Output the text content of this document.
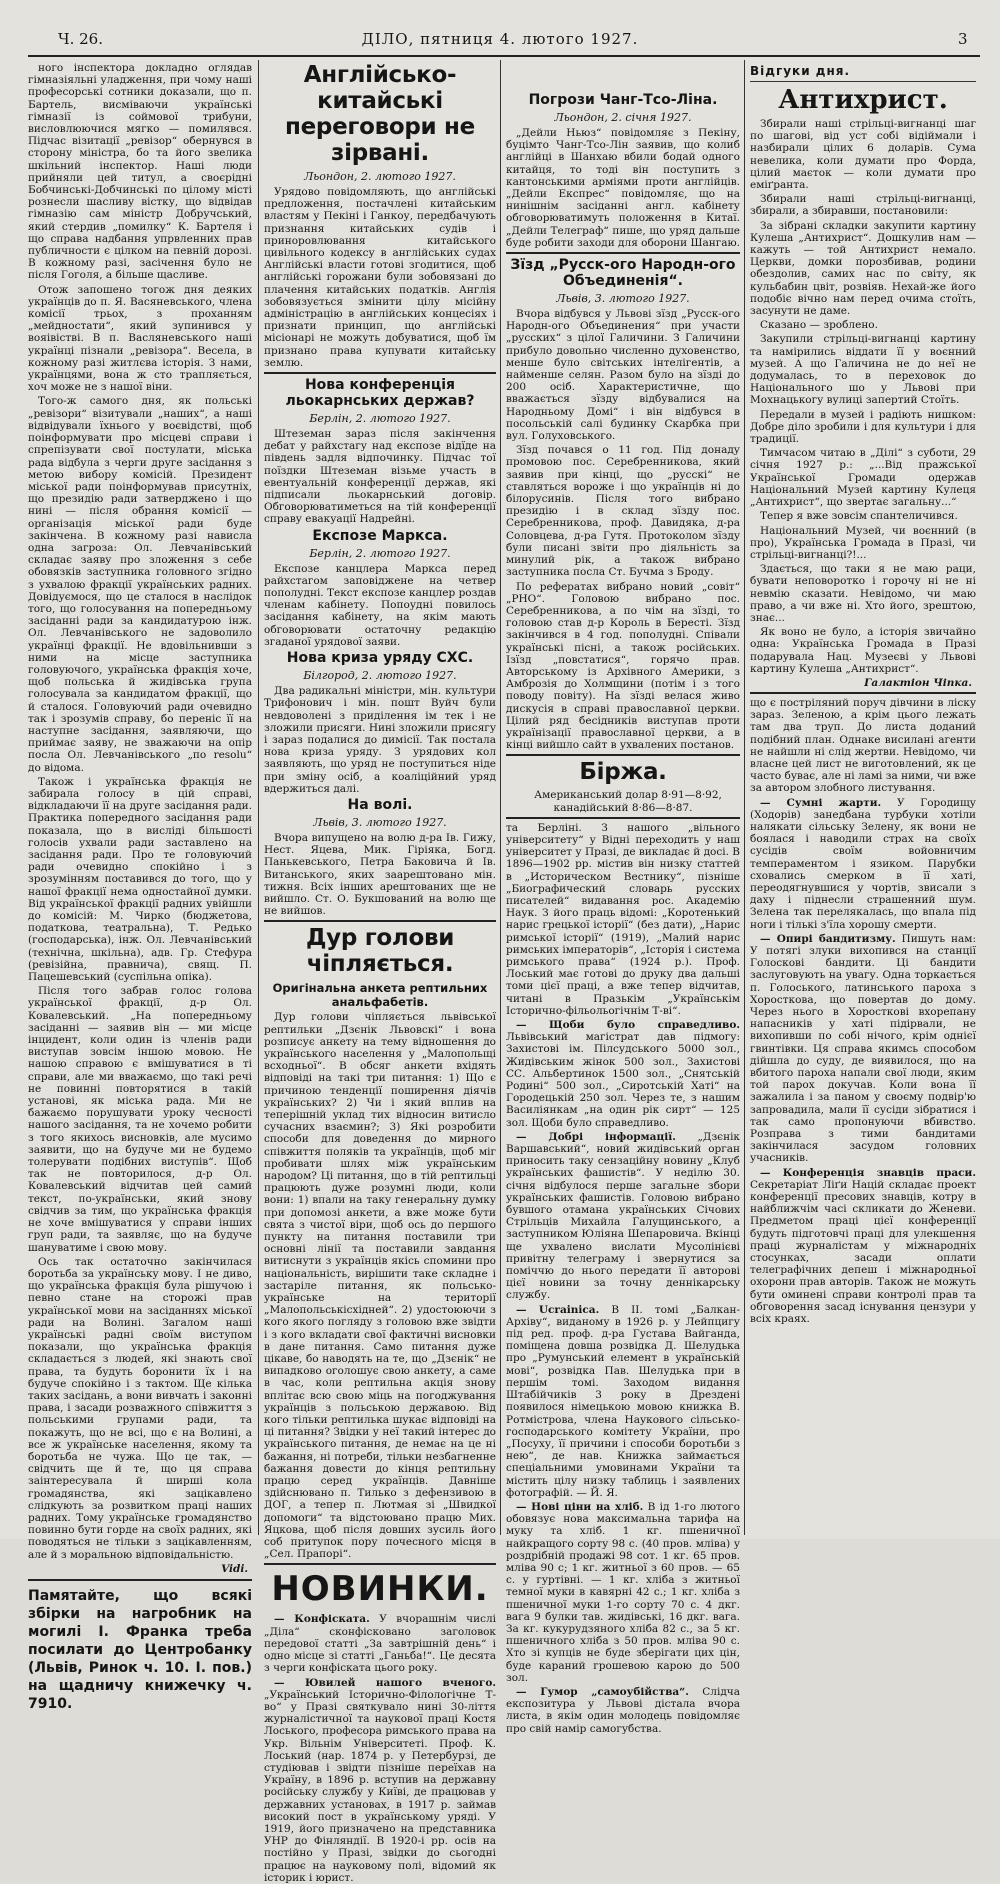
Ч. 26.	ДІЛО, пятниця 4. лютого 1927.	3

ного інспектора докладно оглядав гімназіяльні уладження, при чому наші професорські сотники доказали, що п. Бартель, висміваючи українські гімназії із соймової трибуни, висловлюючися мягко — помилявся. Підчас візитації „ревізор“ обернувся в сторону міністра, бо та його звелика шкільний інспектор. Наші люди прийняли цей титул, а своєрідні Бобчинські-Добчинські по цілому місті рознесли шасливу вістку, що відвідав гімназію сам міністр Добручський, який стердив „помилку“ К. Бартеля і що справа надбання упрвленних прав публичности є цілком на певній дорозі. В кожному разі, засічення було не після Гоголя, а більше щасливе.

Отож запошено тогож дня деяких українців до п. Я. Васяневського, члена комісії трьох, з проханням „мейдностати“, який зупинився у вояівістві. В п. Васляневського наші українці пізнали „ревізора“. Весела, в кожному разі житлєва історія. З нами, українцями, вона ж сто трапляється, хоч може не з нашої віни.

Того-ж самого дня, як польські „ревізори“ візитували „наших“, а наші відвідували їхнього у воєвідстві, щоб поінформувати про місцеві справи і спрепізувати свої постулати, міська рада відбула з черги друге засідання з метою вибору комісій. Президент міської ради поінформував присутніх, що президію ради затверджено і що нині — після обрання комісії — організація міської ради буде закінчена. В кожному разі нависла одна загроза: Ол. Левчанівський складає заяву про зложення з себе обовязків заступника головного згідно з ухвалою фракції українських радних. Довідуємося, що це сталося в наслідок того, що голосування на попередньому засіданні ради за кандидатурою інж. Ол. Левчанівського не задоволило українці фракції. Не вдовільнивши з ними на місце заступника головуючого, українська фракція хоче, щоб польська й жидівська група голосувала за кандидатом фракції, що й сталося. Головуючий ради очевидно так і зрозумів справу, бо переніс її на наступне засідання, заявляючи, що приймає заяву, не зважаючи на опір посла Ол. Левчанівського „по resolu“ до відома.

Також і українська фракція не забирала голосу в цій справі, відкладаючи її на друге засідання ради. Практика попередного засідання ради показала, що в висліді більшості голосів ухвали ради заставлено на засідання ради. Про те головуючий ради очевидно спокійно і з зрозумінням поставився до того, що у нашої фракції нема одностайної думки. Від української фракції радних увійшли до комісій: М. Чирко (бюджетова, податкова, театральна), Т. Редько (господарська), інж. Ол. Левчанівський (технічна, шкільна), адв. Гр. Стефура (ревізійна, правнича), свящ. П. Пацешевський (суспільна опіка).

Після того забрав голос голова української фракції, д-р Ол. Ковалевський. „На попередньому засіданні — заявив він — ми місце інцидент, коли один із членів ради виступав зовсім іншою мовою. Не нашою справою є вмішуватися в ті справи, але ми вважаємо, що такі речі не повинні повторятися в такій установі, як міська рада. Ми не бажаємо порушувати уроку чесності нашого засідання, та не хочемо робити з того якихось висновків, але мусимо заявити, що на будуче ми не будемо толерувати подібних виступів“. Щоб так не повторилося, д-р Ол. Ковалевський відчитав цей самий текст, по-українськи, який знову свідчив за тим, що українська фракція не хоче вмішуватися у справи інших груп ради, та заявляє, що на будуче шануватиме і свою мову.

Ось так остаточно закінчилася боротьба за українську мову. І не диво, що українська фракція була рішучою і певно стане на сторожі прав української мови на засіданнях міської ради на Волині. Загалом наші українські радні своїм виступом показали, що українська фракція складається з людей, які знають свої права, та будуть боронити їх і на будуче спокійно і з тактом. Ще кілька таких засідань, а вони вивчать і законні права, і засади розважного співжиття з польськими групами ради, та покажуть, що не всі, що є на Волині, а все ж українське населення, якому та боротьба не чужа. Що це так, — свідчить ще й те, що ця справа заінтересувала й ширші кола громадянства, які зацікавлено слідкують за розвитком праці наших радних. Тому українське громадянство повинно бути горде на своїх радних, які поводяться не тільки з зацікавленням, але й з моральною відповідальністю.

Vidi.

Памятайте, що всякі збірки на нагробник на могилі І. Франка треба посилати до Центробанку (Львів, Ринок ч. 10. І. пов.) на щадничу книжечку ч. 7910.

Англійсько-китайські переговори не зірвані.

Льондон, 2. лютого 1927.

Урядово повідомляють, що англійські предложення, постачлені китайським властям у Пекіні і Ганкоу, передбачують признання китайських судів і приноровлювання китайського цивільного кодексу в англійських судах Англійські власти готові згодитися, щоб англійські горожани були зобовязані до плачення китайських податків. Англія зобовязується змінити цілу місійну адміністрацію в англійських концесіях і признати принцип, що англійські місіонарі не можуть добуватися, щоб їм признано права купувати китайську землю.

Нова конференція льокарнських держав?

Берлін, 2. лютого 1927.

Штеземан зараз після закінчення дебат у райхстагу над експозе відїде на південь задля відпочинку. Підчас тої поїздки Штеземан візьме участь в евентуальній конференції держав, які підписали льокарнський договір. Обговорюватиметься на тій конференції справу евакуації Надрейні.

Експозе Маркса.

Берлін, 2. лютого 1927.

Експозе канцлера Маркса перед райхстагом заповіджене на четвер пополудні. Текст експозе канцлер роздав членам кабінету. Попоудні повилось засідання кабінету, на якім мають обговорювати остаточну редакцію згаданої урядової заяви.

Нова криза уряду СХС.

Білгород, 2. лютого 1927.

Два радикальні міністри, мін. культури Трифонович і мін. пошт Вуйч були невдоволені з приділення ім тек і не зложили присяги. Нині зложили присягу і зараз подалися до димісії. Так постала нова криза уряду. З урядових кол заявляють, що уряд не поступиться ніде при зміну осіб, а коаліційний уряд вдержиться далі.

На волі.

Львів, 3. лютого 1927.

Вчора випущено на волю д-ра Ів. Гижу, Нест. Яцева, Мик. Гіріяка, Богд. Панькевського, Петра Баковича й Ів. Витанського, яких заарештовано мін. тижня. Всіх інших арештованих ще не вийшло. Ст. О. Букшований на волю ще не вийшов.

Дур голови чіпляється.

Оригінальна анкета рептильних анальфабетів.

Дур голови чіпляється львівської рептильки „Дзєнік Львовскі“ і вона розписує анкету на тему відношення до українського населення у „Малопольщі всходньої“. В обсяг анкети вхідять відповіді на такі три питання: 1) Що є причиною тенденції поширення діячів українських? 2) Чи і який вплив на теперішній уклад тих відносин витисло сучасних взаємин?; 3) Які розробити способи для доведення до мирного співжиття поляків та українців, щоб міг пробивати шлях між українським народом? Ці питання, що в тій рептильці працюють дуже розумні люди, коли вони: 1) впали на таку генеральну думку при допомозі анкети, а вже може бути свята з чистої віри, щоб ось до першого пункту на питання поставили три основні лінії та поставили завдання витиснути з українців якісь спомини про національність, вирішити таке складне і застаріле питання, як польсько-українське на території „Малопольськісхідней“. 2) удостоюючи з кого якого погляду з головою вже звідти і з кого вкладати свої фактичні висновки в дане питання. Само питання дуже цікаве, бо наводять на те, що „Дзєнік“ не випадково оголошує свою анкету, а саме в час, коли рептильна акція знову вплітає всю свою міць на погоджування українців з польською державою. Від кого тільки рептилька шукає відповіді на ці питання? Звідки у неї такий інтерес до українського питання, де немає на це ні бажання, ні потреби, тільки незбагненне бажання довести до кінця рептильну працю серед українців. Давніше здійснювано п. Тилько з дефензивою в ДОГ, а тепер п. Лютмая зі „Швидкої допомоги“ та відстоювано працю Мих. Яцкова, щоб після довших зусиль його соб притупок пору почесного місця в „Сел. Прапорі“.

НОВИНКИ.

— Конфіската. У вчорашнім числі „Діла“ сконфісковано заголовок передової статті „За завтрішній день“ і одно місце зі статті „Ганьба!“. Це десята з черги конфіската цього року.

— Ювилей нашого вченого. „Український Історично-Філологічне Т-во“ у Празі святкувало нині 30-ліття журналістичної та наукової праці Костя Лоського, професора римського права на Укр. Вільнім Університеті. Проф. К. Лоський (нар. 1874 р. у Петербурзі, де студіював і звідти пізніше переїхав на Україну, в 1896 р. вступив на державну російську службу у Київі, де працював у державних установах, в 1917 р. займав високий пост в українському уряді. У 1919, його призначено на представника УНР до Фінляндії. В 1920-і рр. осів на постійно у Празі, звідки до сьогодні працює на науковому полі, відомий як історик і юрист.

Погрози Чанг-Тсо-Ліна.

Льондон, 2. січня 1927.

„Дейли Ньюз“ повідомляє з Пекіну, буцімто Чанг-Тсо-Лін заявив, що колиб англійці в Шанхаю вбили бодай одного китайця, то тоді він поступить з кантонськими арміями проти англійців. „Дейли Експрес“ повідомляє, що на нинішнім засіданні англ. кабінету обговорюватимуть положення в Китаї. „Дейли Телеграф“ пише, що уряд дальше буде робити заходи для оборони Шангаю.

Зїзд „Русск-ого Народн-ого Объединенія“.

Львів, 3. лютого 1927.

Вчора відбувся у Львові зїзд „Русск-ого Народн-ого Объединения“ при участи „русских“ з цілої Галичини. З Галичини прибуло довольно численно духовенство, менше було світських інтелігентів, а найменше селян. Разом було на зїзді до 200 осіб. Характеристичне, що вважається зїзду відбувалися на Народньому Домі“ і він відбувся в посольській салі будинку Скарбка при вул. Голуховського.

Зїзд почався о 11 год. Під донаду промовою пос. Серебренникова, який заявив при кінці, що „русскі“ не ставляться вороже і що українців ні до білорусинів. Після того вибрано президію і в склад зїзду пос. Серебренникова, проф. Давидяка, д-ра Соловцева, д-ра Гутя. Протоколом зїзду були писані звіти про діяльність за минулий рік, а також вибрано заступника посла Ст. Бучма з Броду.

По рефератах вибрано новий „совіт“ „РНО“. Головою вибрано пос. Серебренникова, а по чім на зїзді, то головою став д-р Король в Бересті. Зїзд закінчився в 4 год. пополудні. Співали українські пісні, а також російських. Ізїзд „повстатися“, горячо прав. Авторському із Архівного Америки, з Амброзія до Холмщини (потім і з того поводу повіту). На зїзді велася живо дискусія в справі православної церкви. Цілий ряд бесідників виступав проти українізації православної церкви, а в кінці вийшло сайт в ухвалених постанов.

Біржа.

Американський долар 8·91—8·92, канадійський 8·86—8·87.

та Берліні. З нашого „вільного університету“ у Відні переходить у наш університет у Празі, де викладає й досі. В 1896—1902 рр. містив він низку статтей в „Историческом Вестнику“, пізніше „Биографический словарь русских писателей“ видавання рос. Академію Наук. З його праць відомі: „Коротенький нарис грецької історії“ (без дати), „Нарис римської історії“ (1919), „Малий нарис римських імператорів“, „Історія і система римського права“ (1924 р.). Проф. Лоський має готові до друку два дальші томи цієї праці, а вже тепер відчитав, читані в Празькім „Українськім Історично-фільольогічнім Т-ві“.

— Щоби було справедливо. Львівський магістрат дав підмогу: Захистові ім. Пілсудського 5000 зол., Жидівським жінок 500 зол., Захистові СС. Альбертинок 1500 зол., „Снятській Родині“ 500 зол., „Сиротській Хаті“ на Городецькій 250 зол. Через те, з нашим Василіянкам „на один рік сирт“ — 125 зол. Щоби було справедливо.

— Добрі інформації. „Дзєнік Варшавський“, новий жидівський орган приносить таку сензаційну новину „Клуб українських фашистів“. У неділю 30. січня відбулося перше загальне збори українських фашистів. Головою вибрано бувшого отамана українських Січових Стрільців Михайла Галущинського, а заступником Юліяна Шепаровича. Вкінці ще ухвалено вислати Мусолінієві привітну телеграму і звернутися за поміччю до нього передати її авторові цієї новини за точну деннікарську службу.

— Ucrainica. В II. томі „Балкан-Архіву“, виданому в 1926 р. у Лейпцигу під ред. проф. д-ра Густава Вайганда, поміщена довша розвідка Д. Шелудька про „Румунський елемент в українській мові“, розвідка Пав. Шелудька при в першім томі. Заходом видання Штабійчиків 3 року в Дрездені появилося німецькою мовою книжка В. Ротмістрова, члена Наукового сільсько-господарського комітету України, про „Посуху, її причини і способи боротьби з нею“, де нав. Книжка займається спеціальними умовинами України та містить цілу низку таблиць і заявлених фотографій. — Й. Я.

— Нові ціни на хліб. В ід 1-го лютого обовязує нова максимальна тарифа на муку та хліб. 1 кг. пшеничної найкращого сорту 98 с. (40 пров. мліва) у роздрібній продажі 98 сот. 1 кг. 65 пров. мліва 90 с; 1 кг. житньої з 60 пров. — 65 с. у гуртівні. — 1 кг. хліба з житньої темної муки в кавярні 42 с.; 1 кг. хліба з пшеничної муки 1-го сорту 70 с. 4 дкг. вага 9 булки тав. жидівські, 16 дкг. вага. За кг. кукурудзяного хліба 82 с., за 5 кг. пшеничного хліба з 50 пров. мліва 90 с. Хто зі купців не буде зберігати цих цін, буде караний грошевою карою до 500 зол.

— Гумор „самоубійства“. Слідча експозитура у Львові дістала вчора листа, в якім один молодець повідомляє про свій намір самогубства.

Відгуки дня.

Антихрист.

Збирали наші стрільці-вигнанці шаг по шагові, від уст собі відіймали і назбирали цілих 6 доларів. Сума невелика, коли думати про Форда, цілий маєток — коли думати про еміґранта.

Збирали наші стрільці-вигнанці, збирали, а збиравши, постановили:

За зібрані складки закупити картину Кулеша „Антихрист“. Дошкулив нам — кажуть — той Антихрист немало. Церкви, домки порозбивав, родини обездолив, самих нас по світу, як кульбабин цвіт, розвіяв. Нехай-же його подобіє вічно нам перед очима стоїть, засунути не даме.

Сказано — зроблено.

Закупили стрільці-вигнанці картину та намірились віддати її у воєнний музей. А що Галичина не до неї не додумалась, то в переховок до Національного шо у Львові при Мохнацькогу вулиці запертий Стоїть.

Передали в музей і радіють нишком: Добре діло зробили і для культури і для традиції.

Тимчасом читаю в „Ділі“ з суботи, 29 січня 1927 р.: „...Від пражської Української Громади одержав Національний Музей картину Кулеця „Антихрист“, що звертає загальну...“

Тепер я вже зовсім спантеличився.

Національний Музей, чи воєнний (в про), Українська Громада в Празі, чи стрільці-вигнанці?!...

Здається, що таки я не маю раци, бувати неповоротко і горочу ні не ні невмію сказати. Невідомо, чи маю право, а чи вже ні. Хто його, зрештою, знає...

Як воно не було, а історія звичайно одна: Українська Громада в Празі подарувала Нац. Музеєві у Львові картину Кулеша „Антихрист“.

Галактіон Чіпка.

що є постріляний поруч дівчини в ліску зараз. Зеленою, а крім цього лежать там два труп. До листа доданий подібний план. Однаке висилані агенти не найшли ні слід жертви. Невідомо, чи власне цей лист не виготовлений, як це часто буває, але ні ламі за ними, чи вже за автором злобного листування.

— Сумні жарти. У Городищу (Ходорів) занедбана турбуки хотіли налякати сільську Зелену, як вони не боялася і наводили страх на своїх сусідів своїм войовничим темпераментом і язиком. Парубки сховались смерком в її хаті, переодягнувшися у чортів, звисали з даху і піднесли страшенний шум. Зелена так перелякалась, що впала під ноги і тількі з'їла хорошу смерти.

— Опирі бандитизму. Пишуть нам: У потягі злуки вихопився на станції Голоскові бандити. Ці бандити заслуговують на увагу. Одна торкається п. Голоського, латинського пароха з Хоросткова, що повертав до дому. Через нього в Хоросткові вхорепану напасників у хаті підірвали, не вихопивши по собі нічого, крім однієї гвинтівки. Ця справа якимсь способом дійшла до суду, де виявилося, що на вбитого пароха напали свої люди, яким той парох докучав. Коли вона її зажалила і за паном у своєму подвір'ю запровадила, мали її сусіди зібратися і так само пропонуючи вбивство. Розправа з тими бандитами закінчилася засудом головних учасників.

— Конференція знавців праси. Секретаріат Ліґи Націй складає проект конференції пресових знавців, котру в найближчім часі скликати до Женеви. Предметом праці цієї конференції будуть підготовчі праці для улекшення праці журналістам у міжнародніх стосунках, засади оплати телеграфічних депеш і міжнародньої охорони прав авторів. Також не можуть бути оминені справи контролі прав та обговорення засад існування цензури у всіх краях.
